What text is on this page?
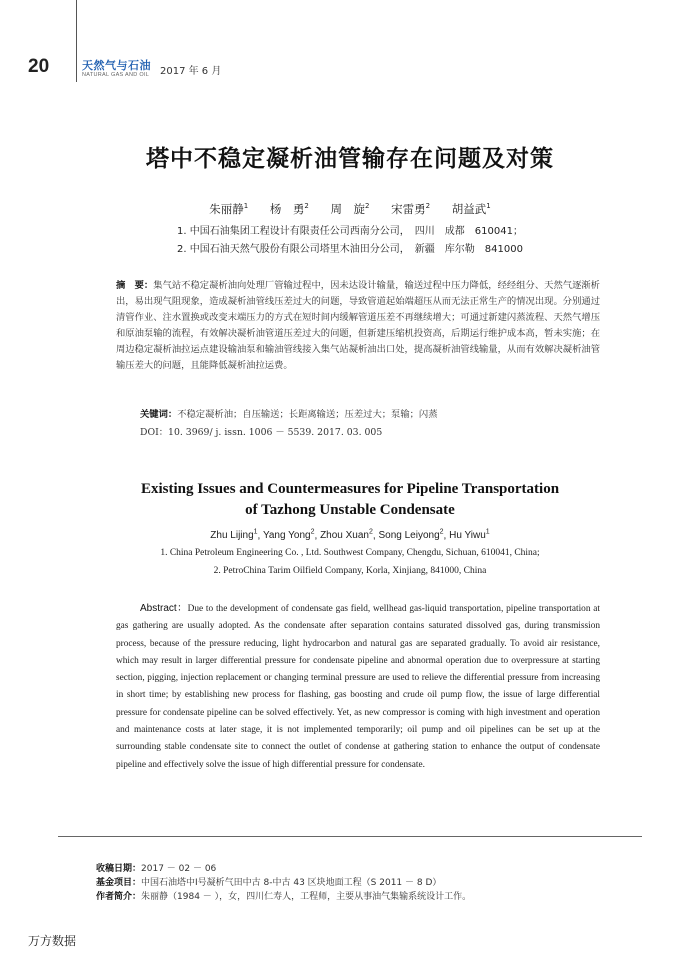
20	天然气与石油
NATURAL GAS AND OIL 2017 年 6 月
塔中不稳定凝析油管输存在问题及对策
朱丽静$^1$ 杨　勇$^2$ 周　旋$^2$ 宋雷勇$^2$ 胡益武$^1$
1. 中国石油集团工程设计有限责任公司西南分公司，　四川　成都　610041；
2. 中国石油天然气股份有限公司塔里木油田分公司，　新疆　库尔勒　841000
摘　要：集气站不稳定凝析油向处理厂管输过程中，因未达设计输量，输送过程中压力降低，经经组分、天然气逐渐析出，易出现气阻现象，造成凝析油管线压差过大的问题，导致管道起始端超压从而无法正常生产的情况出现。分别通过清管作业、注水置换或改变末端压力的方式在短时间内缓解管道压差不再继续增大；可通过新建闪蒸流程、天然气增压和原油泵输的流程，有效解决凝析油管道压差过大的问题，但新建压缩机投资高，后期运行维护成本高，暂未实施；在周边稳定凝析油拉运点建设输油泵和输油管线接入集气站凝析油出口处，提高凝析油管线输量，从而有效解决凝析油管输压差大的问题，且能降低凝析油拉运费。
关键词：不稳定凝析油；自压输送；长距离输送；压差过大；泵输；闪蒸
DOI：10. 3969/ j. issn. 1006 － 5539. 2017. 03. 005
Existing Issues and Countermeasures for Pipeline Transportation
of Tazhong Unstable Condensate
Zhu Lijing$^1$, Yang Yong$^2$, Zhou Xuan$^2$, Song Leiyong$^2$, Hu Yiwu$^1$
1. China Petroleum Engineering Co. , Ltd. Southwest Company, Chengdu, Sichuan, 610041, China;
2. PetroChina Tarim Oilfield Company, Korla, Xinjiang, 841000, China
Abstract：Due to the development of condensate gas field, wellhead gas-liquid transportation, pipeline transportation at gas gathering are usually adopted. As the condensate after separation contains saturated dissolved gas, during transmission process, because of the pressure reducing, light hydrocarbon and natural gas are separated gradually. To avoid air resistance, which may result in larger differential pressure for condensate pipeline and abnormal operation due to overpressure at starting section, pigging, injection replacement or changing terminal pressure are used to relieve the differential pressure from increasing in short time; by establishing new process for flashing, gas boosting and crude oil pump flow, the issue of large differential pressure for condensate pipeline can be solved effectively. Yet, as new compressor is coming with high investment and operation and maintenance costs at later stage, it is not implemented temporarily; oil pump and oil pipelines can be set up at the surrounding stable condensate site to connect the outlet of condense at gathering station to enhance the output of condensate pipeline and effectively solve the issue of high differential pressure for condensate.
收稿日期：2017 － 02 － 06
基金项目：中国石油塔中Ⅰ号凝析气田中古 8-中古 43 区块地面工程（S 2011 － 8 D）
作者简介：朱丽静（1984 － ），女，四川仁寿人，工程师，主要从事油气集输系统设计工作。
万方数据
